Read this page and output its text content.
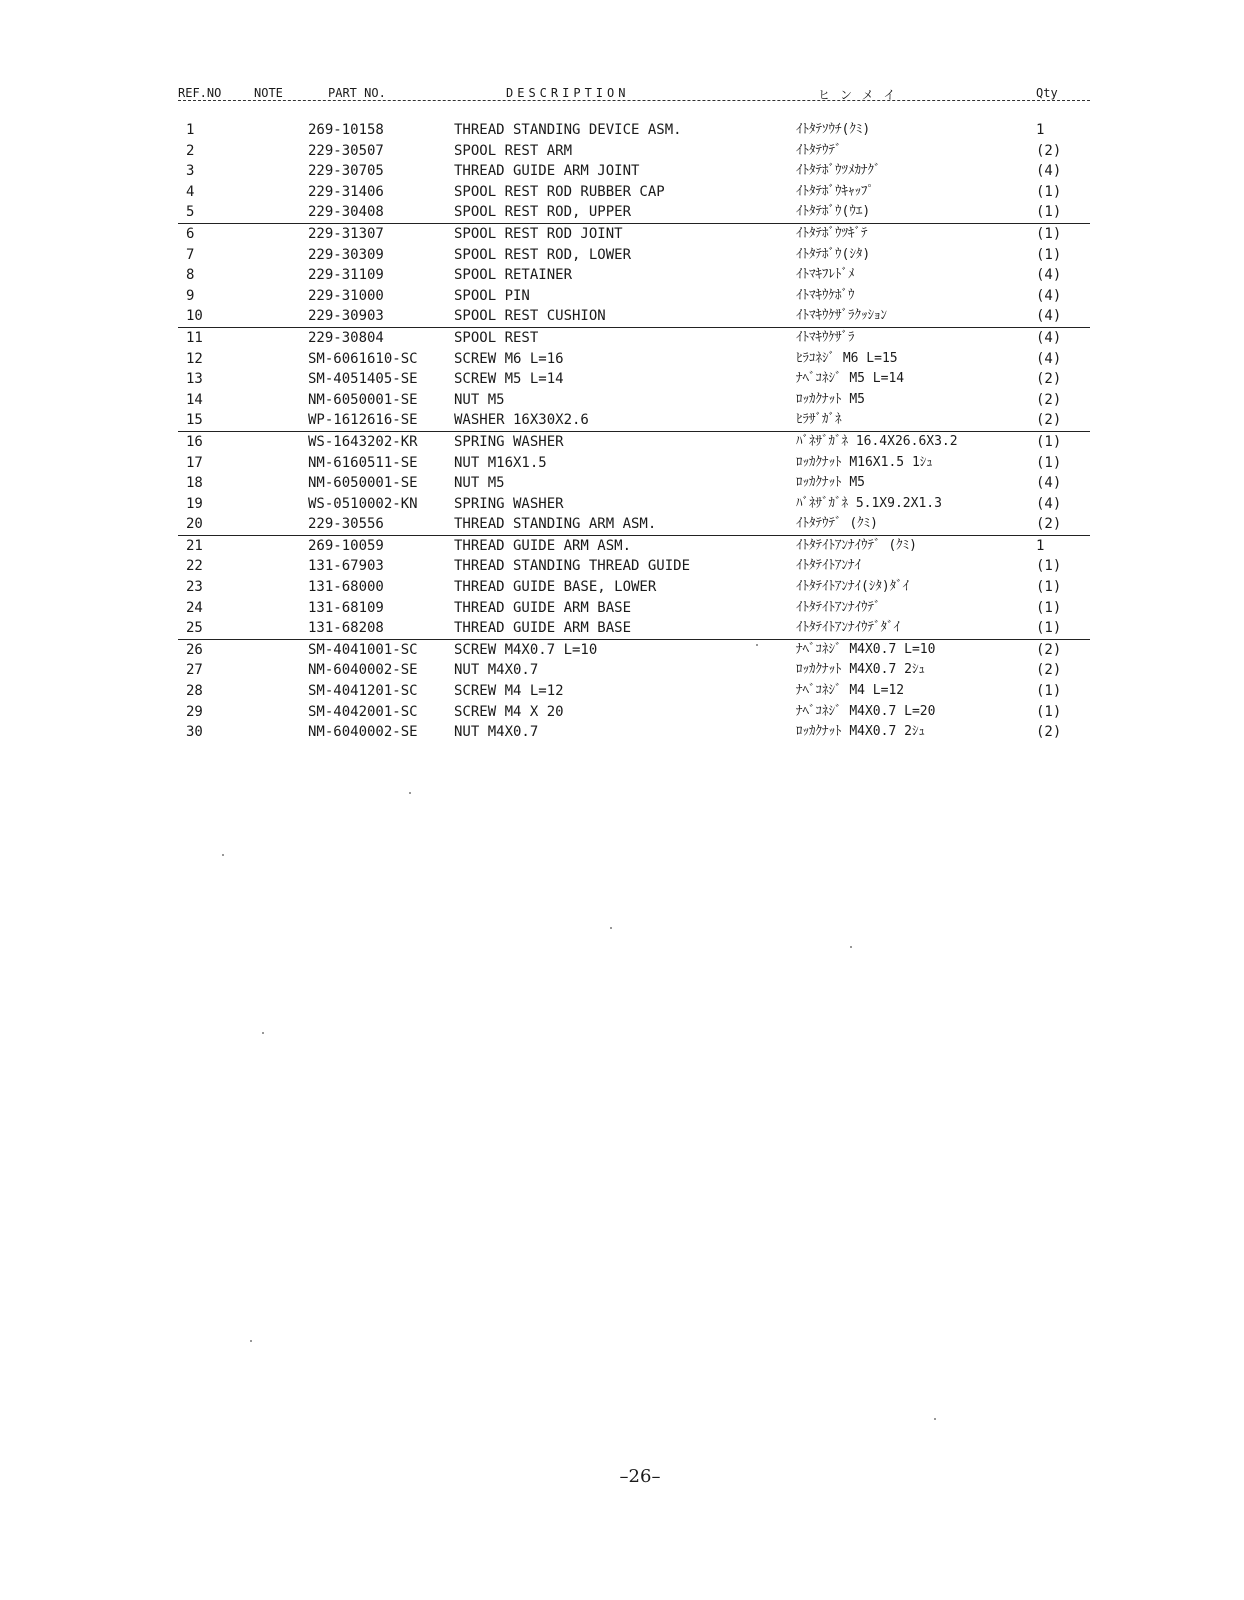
REF.NO	NOTE	PART NO.	DESCRIPTION	ヒンメイ	Qty
1	269-10158	THREAD STANDING DEVICE ASM.	ｲﾄﾀﾃｿｳﾁ(ｸﾐ)	1
2	229-30507	SPOOL REST ARM	ｲﾄﾀﾃｳﾃﾞ	(2)
3	229-30705	THREAD GUIDE ARM JOINT	ｲﾄﾀﾃﾎﾞｳﾂﾒｶﾅｸﾞ	(4)
4	229-31406	SPOOL REST ROD RUBBER CAP	ｲﾄﾀﾃﾎﾞｳｷｬｯﾌﾟ	(1)
5	229-30408	SPOOL REST ROD, UPPER	ｲﾄﾀﾃﾎﾞｳ(ｳｴ)	(1)
6	229-31307	SPOOL REST ROD JOINT	ｲﾄﾀﾃﾎﾞｳﾂｷﾞﾃ	(1)
7	229-30309	SPOOL REST ROD, LOWER	ｲﾄﾀﾃﾎﾞｳ(ｼﾀ)	(1)
8	229-31109	SPOOL RETAINER	ｲﾄﾏｷﾌﾚﾄﾞﾒ	(4)
9	229-31000	SPOOL PIN	ｲﾄﾏｷｳｹﾎﾞｳ	(4)
10	229-30903	SPOOL REST CUSHION	ｲﾄﾏｷｳｹｻﾞﾗｸｯｼｮﾝ	(4)
11	229-30804	SPOOL REST	ｲﾄﾏｷｳｹｻﾞﾗ	(4)
12	SM-6061610-SC	SCREW M6 L=16	ﾋﾗｺﾈｼﾞ M6 L=15	(4)
13	SM-4051405-SE	SCREW M5 L=14	ﾅﾍﾞｺﾈｼﾞ M5 L=14	(2)
14	NM-6050001-SE	NUT M5	ﾛｯｶｸﾅｯﾄ M5	(2)
15	WP-1612616-SE	WASHER 16X30X2.6	ﾋﾗｻﾞｶﾞﾈ	(2)
16	WS-1643202-KR	SPRING WASHER	ﾊﾞﾈｻﾞｶﾞﾈ 16.4X26.6X3.2	(1)
17	NM-6160511-SE	NUT M16X1.5	ﾛｯｶｸﾅｯﾄ M16X1.5 1ｼｭ	(1)
18	NM-6050001-SE	NUT M5	ﾛｯｶｸﾅｯﾄ M5	(4)
19	WS-0510002-KN	SPRING WASHER	ﾊﾞﾈｻﾞｶﾞﾈ 5.1X9.2X1.3	(4)
20	229-30556	THREAD STANDING ARM ASM.	ｲﾄﾀﾃｳﾃﾞ (ｸﾐ)	(2)
21	269-10059	THREAD GUIDE ARM ASM.	ｲﾄﾀﾃｲﾄｱﾝﾅｲｳﾃﾞ (ｸﾐ)	1
22	131-67903	THREAD STANDING THREAD GUIDE	ｲﾄﾀﾃｲﾄｱﾝﾅｲ	(1)
23	131-68000	THREAD GUIDE BASE, LOWER	ｲﾄﾀﾃｲﾄｱﾝﾅｲ(ｼﾀ)ﾀﾞｲ	(1)
24	131-68109	THREAD GUIDE ARM BASE	ｲﾄﾀﾃｲﾄｱﾝﾅｲｳﾃﾞ	(1)
25	131-68208	THREAD GUIDE ARM BASE	ｲﾄﾀﾃｲﾄｱﾝﾅｲｳﾃﾞﾀﾞｲ	(1)
26	SM-4041001-SC	SCREW M4X0.7 L=10	ﾅﾍﾞｺﾈｼﾞ M4X0.7 L=10	(2)
27	NM-6040002-SE	NUT M4X0.7	ﾛｯｶｸﾅｯﾄ M4X0.7 2ｼｭ	(2)
28	SM-4041201-SC	SCREW M4 L=12	ﾅﾍﾞｺﾈｼﾞ M4 L=12	(1)
29	SM-4042001-SC	SCREW M4 X 20	ﾅﾍﾞｺﾈｼﾞ M4X0.7 L=20	(1)
30	NM-6040002-SE	NUT M4X0.7	ﾛｯｶｸﾅｯﾄ M4X0.7 2ｼｭ	(2)
–26–
